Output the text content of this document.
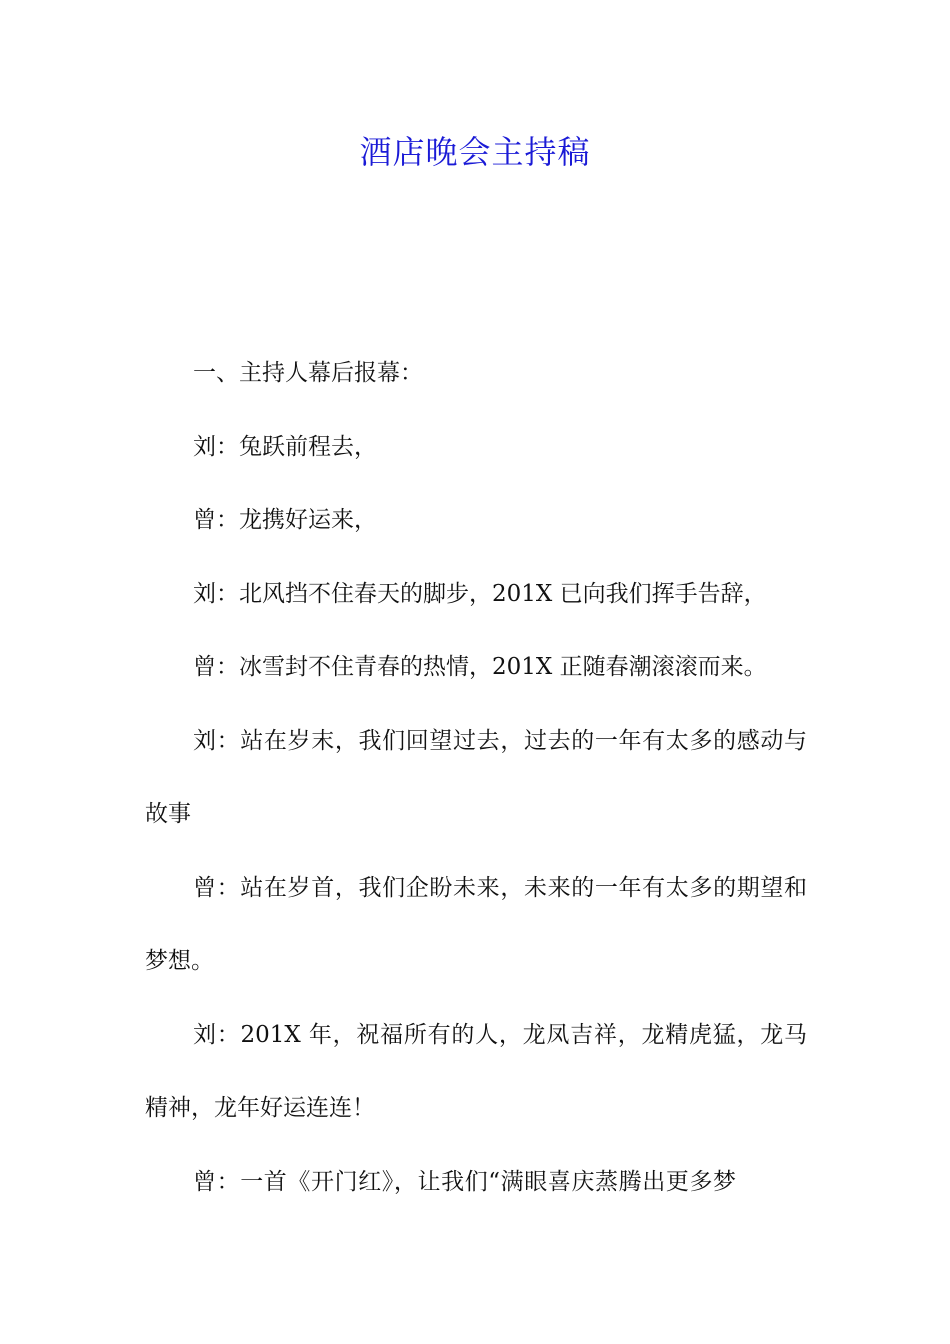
酒店晚会主持稿

一、主持人幕后报幕：

刘：兔跃前程去，

曾：龙携好运来，

刘：北风挡不住春天的脚步，201X 已向我们挥手告辞，

曾：冰雪封不住青春的热情，201X 正随春潮滚滚而来。

刘：站在岁末，我们回望过去，过去的一年有太多的感动与故事

曾：站在岁首，我们企盼未来，未来的一年有太多的期望和梦想。

刘：201X 年，祝福所有的人，龙凤吉祥，龙精虎猛，龙马精神，龙年好运连连！

曾：一首《开门红》，让我们“满眼喜庆蒸腾出更多梦
